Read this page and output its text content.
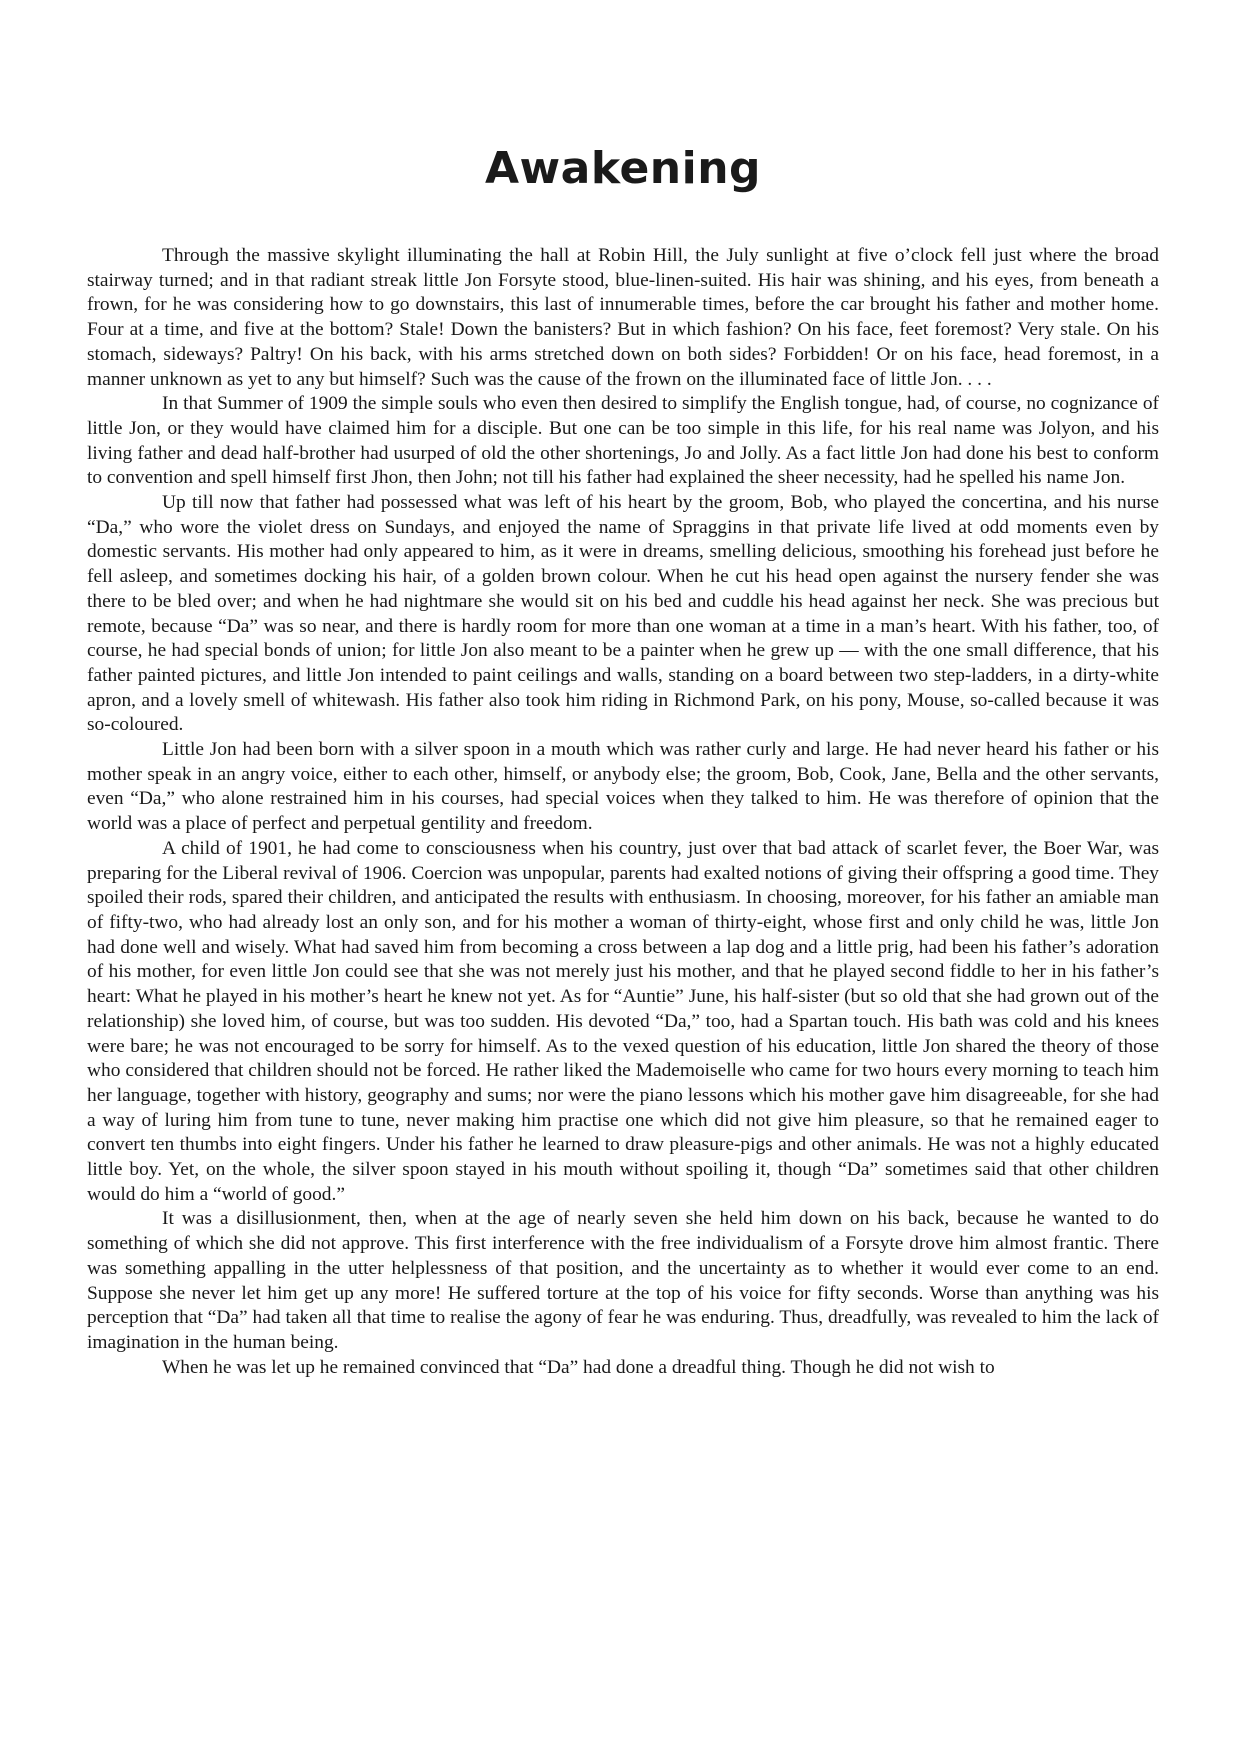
Awakening

Through the massive skylight illuminating the hall at Robin Hill, the July sunlight at five o’clock fell just where the broad stairway turned; and in that radiant streak little Jon Forsyte stood, blue-linen-suited. His hair was shining, and his eyes, from beneath a frown, for he was considering how to go downstairs, this last of innumerable times, before the car brought his father and mother home. Four at a time, and five at the bottom? Stale! Down the banisters? But in which fashion? On his face, feet foremost? Very stale. On his stomach, sideways? Paltry! On his back, with his arms stretched down on both sides? Forbidden! Or on his face, head foremost, in a manner unknown as yet to any but himself? Such was the cause of the frown on the illuminated face of little Jon. . . .

In that Summer of 1909 the simple souls who even then desired to simplify the English tongue, had, of course, no cognizance of little Jon, or they would have claimed him for a disciple. But one can be too simple in this life, for his real name was Jolyon, and his living father and dead half-brother had usurped of old the other shortenings, Jo and Jolly. As a fact little Jon had done his best to conform to convention and spell himself first Jhon, then John; not till his father had explained the sheer necessity, had he spelled his name Jon.

Up till now that father had possessed what was left of his heart by the groom, Bob, who played the concertina, and his nurse “Da,” who wore the violet dress on Sundays, and enjoyed the name of Spraggins in that private life lived at odd moments even by domestic servants. His mother had only appeared to him, as it were in dreams, smelling delicious, smoothing his forehead just before he fell asleep, and sometimes docking his hair, of a golden brown colour. When he cut his head open against the nursery fender she was there to be bled over; and when he had nightmare she would sit on his bed and cuddle his head against her neck. She was precious but remote, because “Da” was so near, and there is hardly room for more than one woman at a time in a man’s heart. With his father, too, of course, he had special bonds of union; for little Jon also meant to be a painter when he grew up — with the one small difference, that his father painted pictures, and little Jon intended to paint ceilings and walls, standing on a board between two step-ladders, in a dirty-white apron, and a lovely smell of whitewash. His father also took him riding in Richmond Park, on his pony, Mouse, so-called because it was so-coloured.

Little Jon had been born with a silver spoon in a mouth which was rather curly and large. He had never heard his father or his mother speak in an angry voice, either to each other, himself, or anybody else; the groom, Bob, Cook, Jane, Bella and the other servants, even “Da,” who alone restrained him in his courses, had special voices when they talked to him. He was therefore of opinion that the world was a place of perfect and perpetual gentility and freedom.

A child of 1901, he had come to consciousness when his country, just over that bad attack of scarlet fever, the Boer War, was preparing for the Liberal revival of 1906. Coercion was unpopular, parents had exalted notions of giving their offspring a good time. They spoiled their rods, spared their children, and anticipated the results with enthusiasm. In choosing, moreover, for his father an amiable man of fifty-two, who had already lost an only son, and for his mother a woman of thirty-eight, whose first and only child he was, little Jon had done well and wisely. What had saved him from becoming a cross between a lap dog and a little prig, had been his father’s adoration of his mother, for even little Jon could see that she was not merely just his mother, and that he played second fiddle to her in his father’s heart: What he played in his mother’s heart he knew not yet. As for “Auntie” June, his half-sister (but so old that she had grown out of the relationship) she loved him, of course, but was too sudden. His devoted “Da,” too, had a Spartan touch. His bath was cold and his knees were bare; he was not encouraged to be sorry for himself. As to the vexed question of his education, little Jon shared the theory of those who considered that children should not be forced. He rather liked the Mademoiselle who came for two hours every morning to teach him her language, together with history, geography and sums; nor were the piano lessons which his mother gave him disagreeable, for she had a way of luring him from tune to tune, never making him practise one which did not give him pleasure, so that he remained eager to convert ten thumbs into eight fingers. Under his father he learned to draw pleasure-pigs and other animals. He was not a highly educated little boy. Yet, on the whole, the silver spoon stayed in his mouth without spoiling it, though “Da” sometimes said that other children would do him a “world of good.”

It was a disillusionment, then, when at the age of nearly seven she held him down on his back, because he wanted to do something of which she did not approve. This first interference with the free individualism of a Forsyte drove him almost frantic. There was something appalling in the utter helplessness of that position, and the uncertainty as to whether it would ever come to an end. Suppose she never let him get up any more! He suffered torture at the top of his voice for fifty seconds. Worse than anything was his perception that “Da” had taken all that time to realise the agony of fear he was enduring. Thus, dreadfully, was revealed to him the lack of imagination in the human being.

When he was let up he remained convinced that “Da” had done a dreadful thing. Though he did not wish to
